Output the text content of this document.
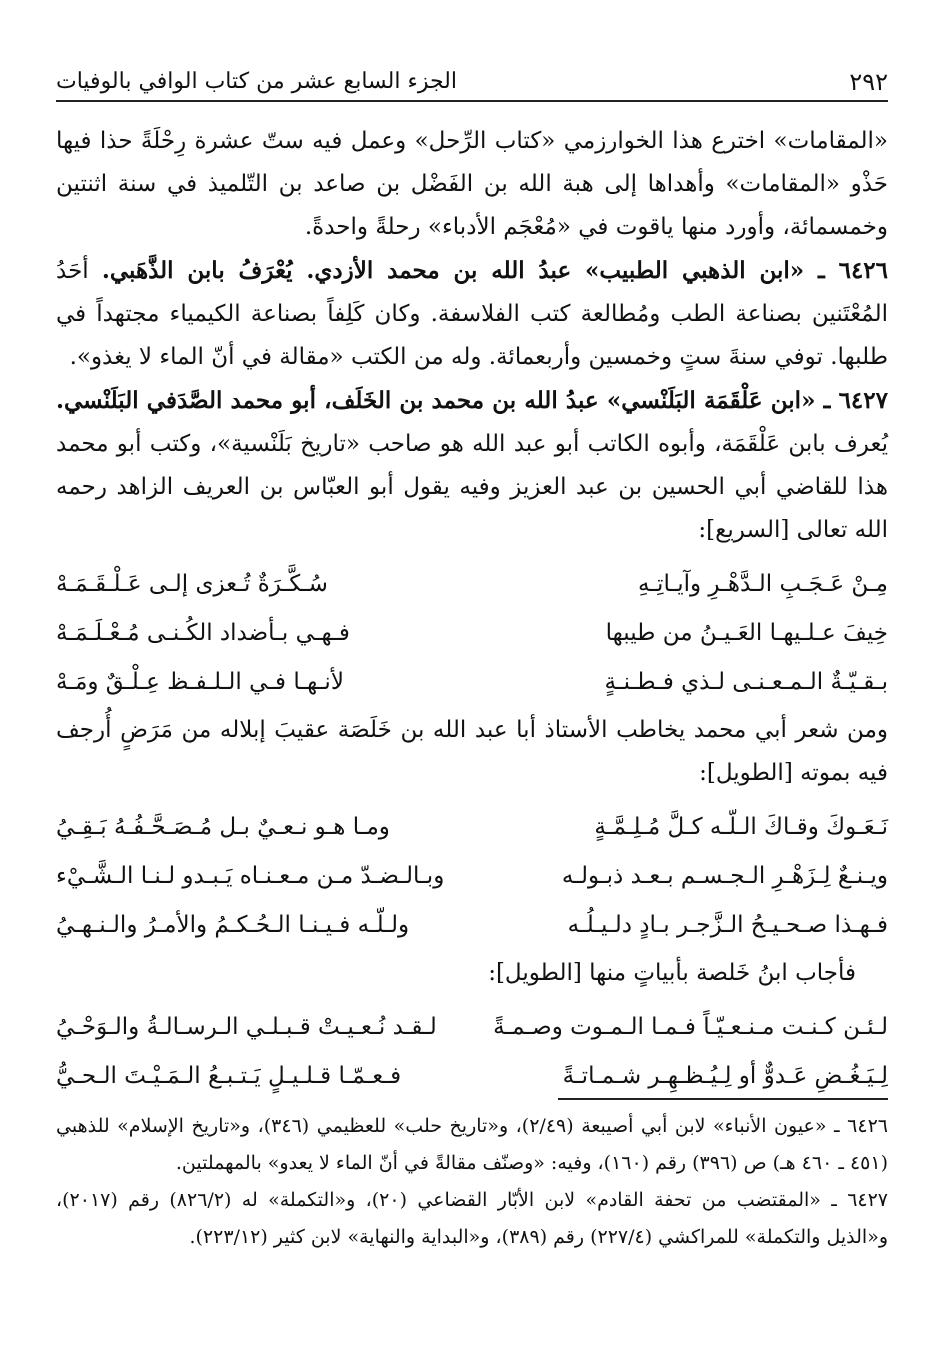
٢٩٢
الجزء السابع عشر من كتاب الوافي بالوفيات

«المقامات» اخترع هذا الخوارزمي «كتاب الرِّحل» وعمل فيه ستّ عشرة رِحْلَةً حذا فيها حَذْو «المقامات» وأهداها إلى هبة الله بن الفَضْل بن صاعد بن التّلميذ في سنة اثنتين وخمسمائة، وأورد منها ياقوت في «مُعْجَم الأدباء» رحلةً واحدةً.

٦٤٢٦ ـ «ابن الذهبي الطبيب» عبدُ الله بن محمد الأزدي. يُعْرَفُ بابن الذَّهَبي. أحَدُ المُعْتَنين بصناعة الطب ومُطالعة كتب الفلاسفة. وكان كَلِفاً بصناعة الكيمياء مجتهداً في طلبها. توفي سنةَ ستٍ وخمسين وأربعمائة. وله من الكتب «مقالة في أنّ الماء لا يغذو».

٦٤٢٧ ـ «ابن عَلْقَمَة البَلَنْسي» عبدُ الله بن محمد بن الخَلَف، أبو محمد الصَّدَفي البَلَنْسي. يُعرف بابن عَلْقَمَة، وأبوه الكاتب أبو عبد الله هو صاحب «تاريخ بَلَنْسية»، وكتب أبو محمد هذا للقاضي أبي الحسين بن عبد العزيز وفيه يقول أبو العبّاس بن العريف الزاهد رحمه الله تعالى [السريع]:

مِـنْ عَـجَـبِ الـدَّهْـرِ وآيـاتِـهِ
سُـكَّـرَةٌ تُـعزى إلـى عَـلْـقَـمَـهْ
خِيفَ عـلـيهـا العَـيـنُ من طيبها
فـهـي بـأضداد الكُـنـى مُـعْـلَـمَـهْ
بـقـيّـةٌ الـمـعـنـى لـذي فـطـنـةٍ
لأنـهـا فـي الـلـفـظ عِـلْـقٌ ومَـهْ

ومن شعر أبي محمد يخاطب الأستاذ أبا عبد الله بن خَلَصَة عقيبَ إبلاله من مَرَضٍ أُرجف فيه بموته [الطويل]:

نَـعَـوكَ وقـاكَ الـلّـه كـلَّ مُـلِـمَّـةٍ
ومـا هـو نـعـيٌ بـل مُـصَـحَّـفُـهُ بَـقِـيُ
ويـنـعٌ لِـزَهْـرِ الـجـسـم بـعـد ذبـولـه
وبـالـضـدّ مـن مـعـنـاه يَـبـدو لـنـا الـشَّـيْء
فـهـذا صـحـيـحُ الـزَّجـر بـادٍ دلـيـلُـه
ولـلّـه فـيـنـا الـحُـكـمُ والأمـرُ والـنـهـيُ

فأجاب ابنُ خَلصة بأبياتٍ منها [الطويل]:

لـئـن كـنـت مـنـعـيّـاً فـمـا الـمـوت وصـمـةً
لـقـد نُـعـيـتْ قـبـلـي الـرسـالـةُ والـوَحْـيُ
لِـيَـغُـضِ عَـدوٌّ أو لِـيُـظـهِـر شـمـاتـةً
فـعـمّـا قـلـيـلٍ يَـتـبـعُ الـمَـيْـتَ الـحـيُّ

٦٤٢٦ ـ «عيون الأنباء» لابن أبي أصيبعة (٢/٤٩)، و«تاريخ حلب» للعظيمي (٣٤٦)، و«تاريخ الإسلام» للذهبي (٤٥١ ـ ٤٦٠ هـ) ص (٣٩٦) رقم (١٦٠)، وفيه: «وصنّف مقالةً في أنّ الماء لا يعدو» بالمهملتين.

٦٤٢٧ ـ «المقتضب من تحفة القادم» لابن الأبّار القضاعي (٢٠)، و«التكملة» له (٨٢٦/٢) رقم (٢٠١٧)، و«الذيل والتكملة» للمراكشي (٢٢٧/٤) رقم (٣٨٩)، و«البداية والنهاية» لابن كثير (٢٢٣/١٢).
